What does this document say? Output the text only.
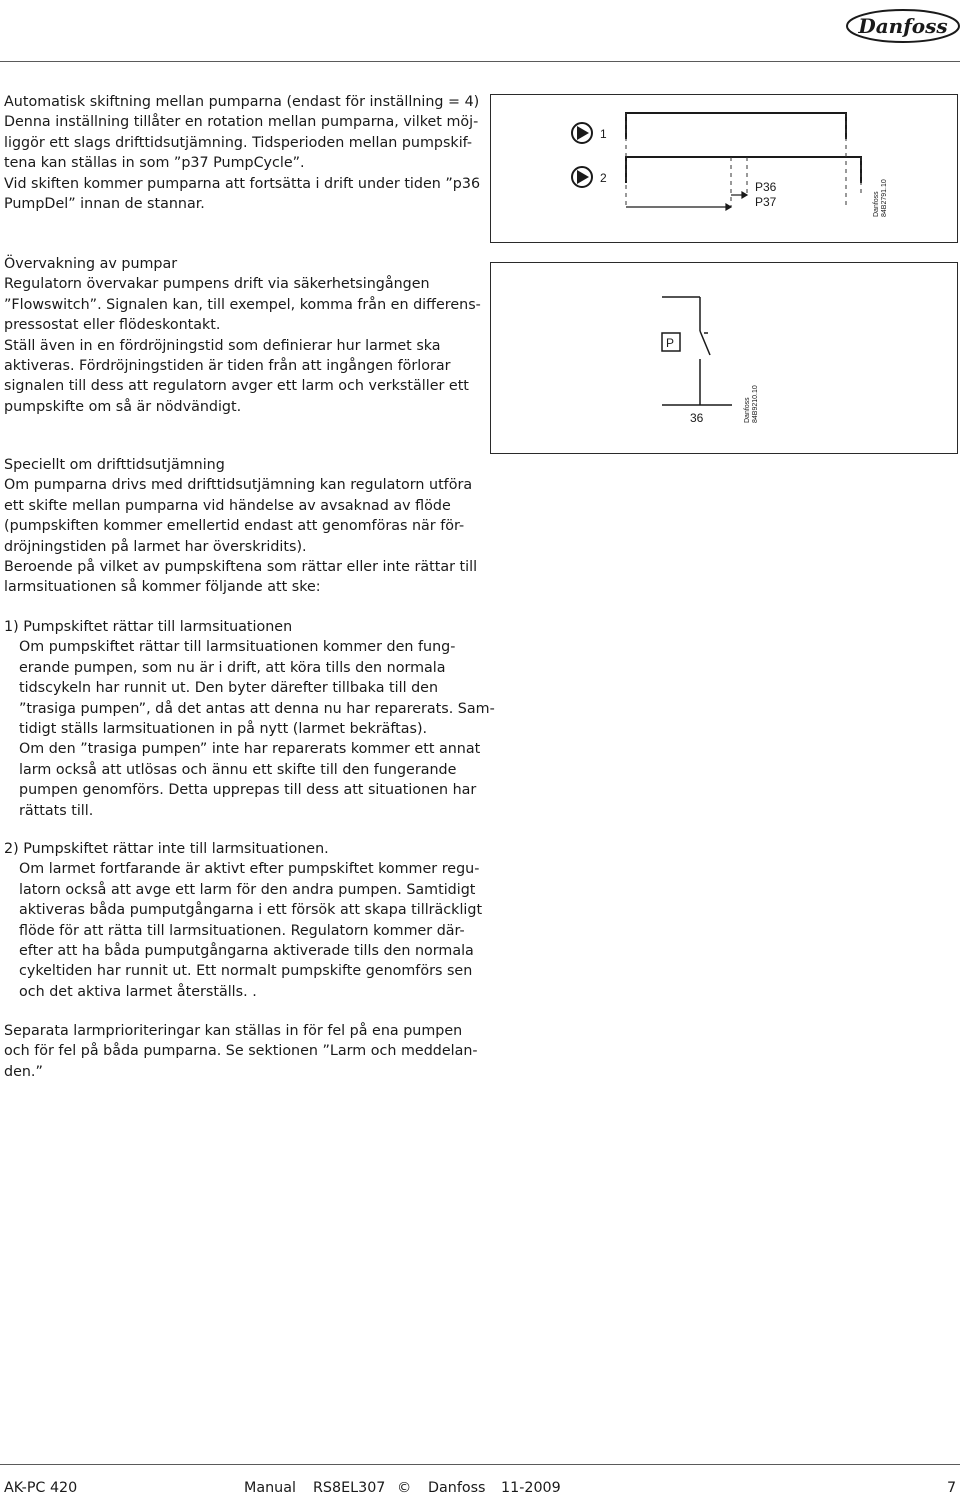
Danfoss

Automatisk skiftning mellan pumparna (endast för inställning = 4)

Denna inställning tillåter en rotation mellan pumparna, vilket möj-

liggör ett slags drifttidsutjämning. Tidsperioden mellan pumpskif-

tena kan ställas in som ”p37 PumpCycle”.

Vid skiften kommer pumparna att fortsätta i drift under tiden ”p36

PumpDel” innan de stannar.

1
2
P36
P37	Danfoss 84B2791.10

Övervakning av pumpar

Regulatorn övervakar pumpens drift via säkerhetsingången

”Flowswitch”. Signalen kan, till exempel, komma från en differens-

pressostat eller flödeskontakt.

Ställ även in en fördröjningstid som definierar hur larmet ska

aktiveras. Fördröjningstiden är tiden från att ingången förlorar

signalen till dess att regulatorn avger ett larm och verkställer ett

pumpskifte om så är nödvändigt.

P
36	Danfoss 84B9210.10

Speciellt om drifttidsutjämning

Om pumparna drivs med drifttidsutjämning kan regulatorn utföra

ett skifte mellan pumparna vid händelse av avsaknad av flöde

(pumpskiften kommer emellertid endast att genomföras när för-

dröjningstiden på larmet har överskridits).

Beroende på vilket av pumpskiftena som rättar eller inte rättar till

larmsituationen så kommer följande att ske:

1) Pumpskiftet rättar till larmsituationen

Om pumpskiftet rättar till larmsituationen kommer den fung-

erande pumpen, som nu är i drift, att köra tills den normala

tidscykeln har runnit ut. Den byter därefter tillbaka till den

”trasiga pumpen”, då det antas att denna nu har reparerats. Sam-

tidigt ställs larmsituationen in på nytt (larmet bekräftas).

Om den ”trasiga pumpen” inte har reparerats kommer ett annat

larm också att utlösas och ännu ett skifte till den fungerande

pumpen genomförs. Detta upprepas till dess att situationen har

rättats till.

2) Pumpskiftet rättar inte till larmsituationen.

Om larmet fortfarande är aktivt efter pumpskiftet kommer regu-

latorn också att avge ett larm för den andra pumpen. Samtidigt

aktiveras båda pumputgångarna i ett försök att skapa tillräckligt

flöde för att rätta till larmsituationen. Regulatorn kommer där-

efter att ha båda pumputgångarna aktiverade tills den normala

cykeltiden har runnit ut. Ett normalt pumpskifte genomförs sen

och det aktiva larmet återställs. .

Separata larmprioriteringar kan ställas in för fel på ena pumpen

och för fel på båda pumparna. Se sektionen ”Larm och meddelan-

den.”

AK-PC 420	Manual RS8EL307 © Danfoss 11-2009	7
